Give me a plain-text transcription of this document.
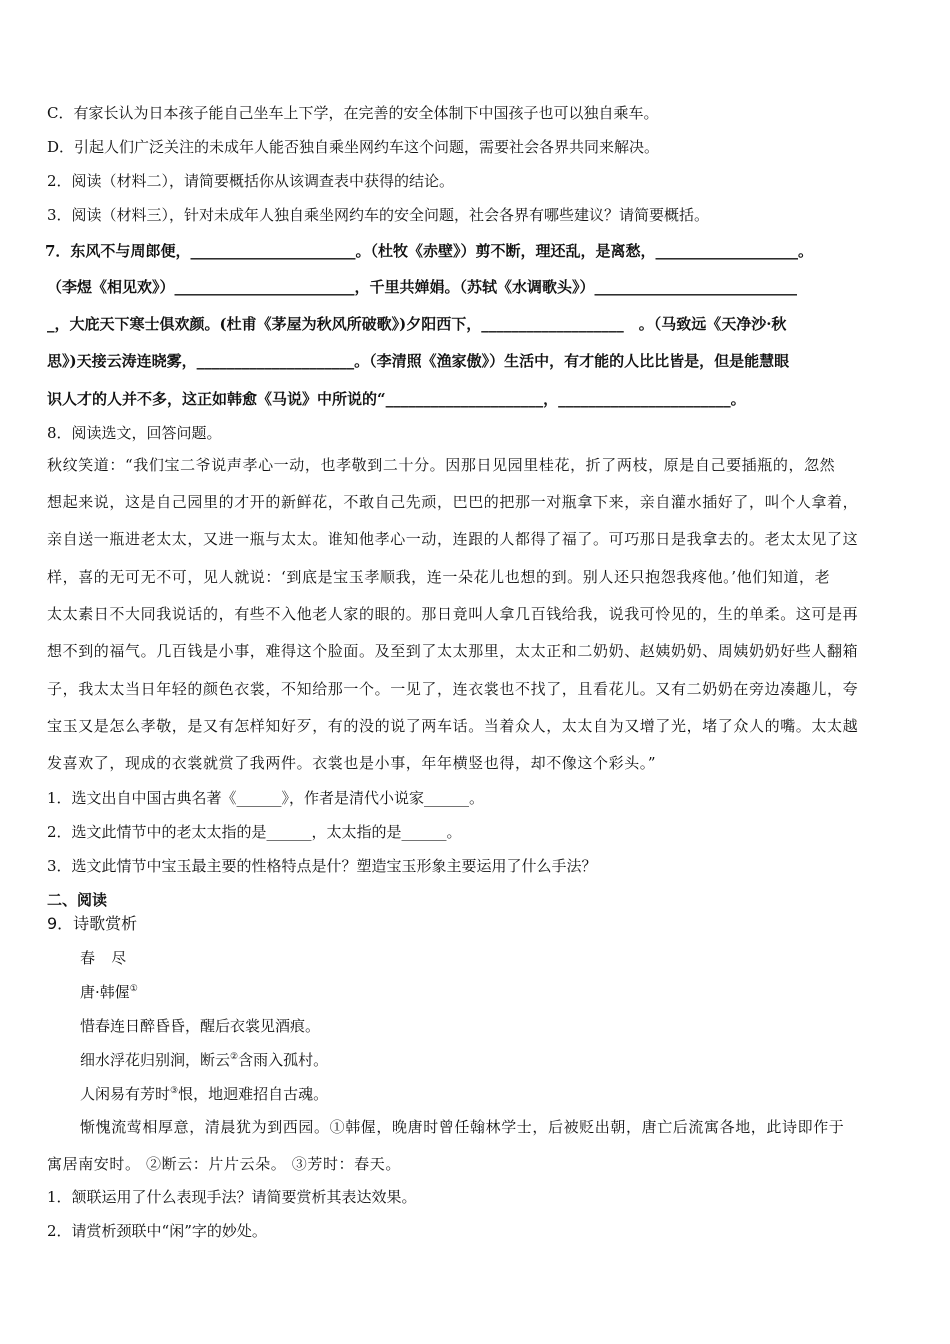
C．有家长认为日本孩子能自己坐车上下学，在完善的安全体制下中国孩子也可以独自乘车。
D．引起人们广泛关注的未成年人能否独自乘坐网约车这个问题，需要社会各界共同来解决。
2．阅读（材料二），请简要概括你从该调查表中获得的结论。
3．阅读（材料三），针对未成年人独自乘坐网约车的安全问题，社会各界有哪些建议？请简要概括。
7．东风不与周郎便，______________________。（杜牧《赤壁》）剪不断，理还乱，是离愁，___________________。
（李煜《相见欢》）________________________，千里共婵娟。（苏轼《水调歌头》）___________________________
_，大庇天下寒士俱欢颜。(杜甫《茅屋为秋风所破歌》)夕阳西下，___________________　。（马致远《天净沙·秋
思》)天接云涛连晓雾，_____________________。（李清照《渔家傲》）生活中，有才能的人比比皆是，但是能慧眼
识人才的人并不多，这正如韩愈《马说》中所说的“_____________________，_______________________。
8．阅读选文，回答问题。
秋纹笑道：“我们宝二爷说声孝心一动，也孝敬到二十分。因那日见园里桂花，折了两枝，原是自己要插瓶的，忽然
想起来说，这是自己园里的才开的新鲜花，不敢自己先顽，巴巴的把那一对瓶拿下来，亲自灌水插好了，叫个人拿着，
亲自送一瓶进老太太，又进一瓶与太太。谁知他孝心一动，连跟的人都得了福了。可巧那日是我拿去的。老太太见了这
样，喜的无可无不可，见人就说：‘到底是宝玉孝顺我，连一朵花儿也想的到。别人还只抱怨我疼他。’他们知道，老
太太素日不大同我说话的，有些不入他老人家的眼的。那日竟叫人拿几百钱给我，说我可怜见的，生的单柔。这可是再
想不到的福气。几百钱是小事，难得这个脸面。及至到了太太那里，太太正和二奶奶、赵姨奶奶、周姨奶奶好些人翻箱
子，我太太当日年轻的颜色衣裳，不知给那一个。一见了，连衣裳也不找了，且看花儿。又有二奶奶在旁边凑趣儿，夸
宝玉又是怎么孝敬，是又有怎样知好歹，有的没的说了两车话。当着众人，太太自为又增了光，堵了众人的嘴。太太越
发喜欢了，现成的衣裳就赏了我两件。衣裳也是小事，年年横竖也得，却不像这个彩头。”
1．选文出自中国古典名著《______》，作者是清代小说家______。
2．选文此情节中的老太太指的是______，太太指的是______。
3．选文此情节中宝玉最主要的性格特点是什？塑造宝玉形象主要运用了什么手法？
二、阅读
9．诗歌赏析
春　尽
唐·韩偓①
惜春连日醉昏昏，醒后衣裳见酒痕。
细水浮花归别涧，断云②含雨入孤村。
人闲易有芳时③恨，地迥难招自古魂。
惭愧流莺相厚意，清晨犹为到西园。①韩偓，晚唐时曾任翰林学士，后被贬出朝，唐亡后流寓各地，此诗即作于
寓居南安时。 ②断云：片片云朵。 ③芳时：春天。
1．颔联运用了什么表现手法？请简要赏析其表达效果。
2．请赏析颈联中“闲”字的妙处。
